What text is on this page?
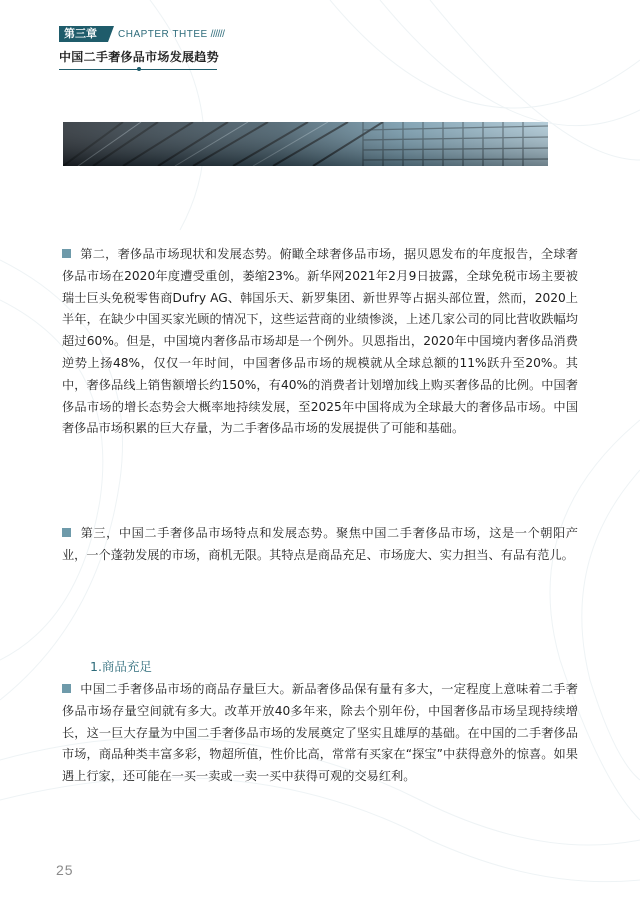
第三章	CHAPTER THTEE //////
中国二手奢侈品市场发展趋势

第二，奢侈品市场现状和发展态势。俯瞰全球奢侈品市场，据贝恩发布的年度报告，全球奢侈品市场在2020年度遭受重创，萎缩23%。新华网2021年2月9日披露，全球免税市场主要被瑞士巨头免税零售商Dufry AG、韩国乐天、新罗集团、新世界等占据头部位置，然而，2020上半年，在缺少中国买家光顾的情况下，这些运营商的业绩惨淡，上述几家公司的同比营收跌幅均超过60%。但是，中国境内奢侈品市场却是一个例外。贝恩指出，2020年中国境内奢侈品消费逆势上扬48%，仅仅一年时间，中国奢侈品市场的规模就从全球总额的11%跃升至20%。其中，奢侈品线上销售额增长约150%，有40%的消费者计划增加线上购买奢侈品的比例。中国奢侈品市场的增长态势会大概率地持续发展，至2025年中国将成为全球最大的奢侈品市场。中国奢侈品市场积累的巨大存量，为二手奢侈品市场的发展提供了可能和基础。

第三，中国二手奢侈品市场特点和发展态势。聚焦中国二手奢侈品市场，这是一个朝阳产业，一个蓬勃发展的市场，商机无限。其特点是商品充足、市场庞大、实力担当、有品有范儿。

1.商品充足

中国二手奢侈品市场的商品存量巨大。新品奢侈品保有量有多大，一定程度上意味着二手奢侈品市场存量空间就有多大。改革开放40多年来，除去个别年份，中国奢侈品市场呈现持续增长，这一巨大存量为中国二手奢侈品市场的发展奠定了坚实且雄厚的基础。在中国的二手奢侈品市场，商品种类丰富多彩，物超所值，性价比高，常常有买家在“探宝”中获得意外的惊喜。如果遇上行家，还可能在一买一卖或一卖一买中获得可观的交易红利。

25
